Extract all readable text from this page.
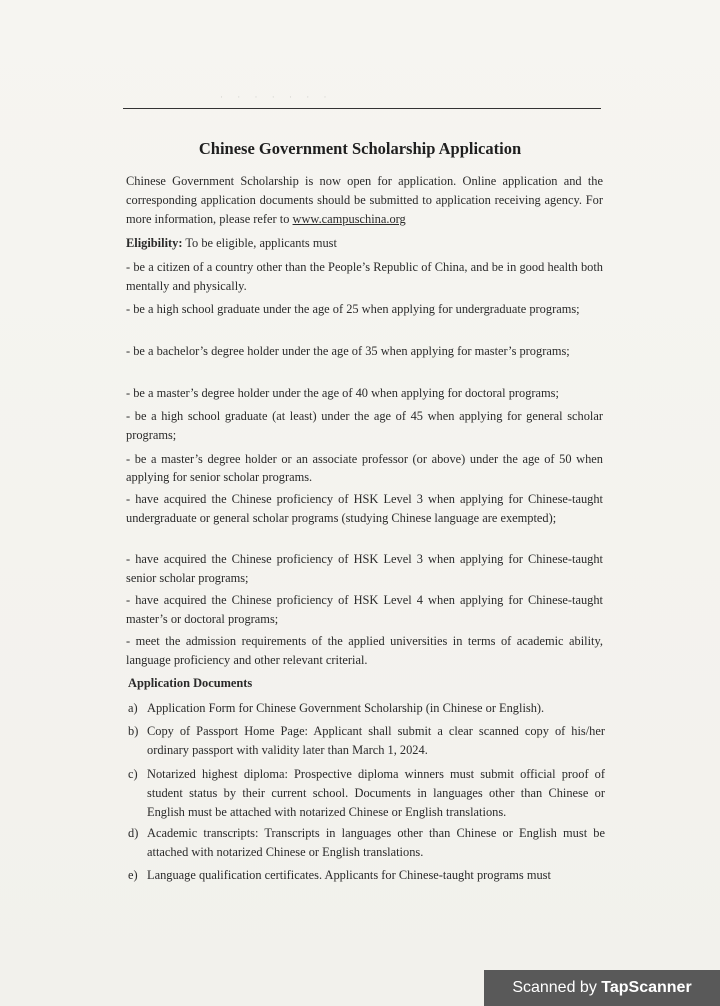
· · · · · · ·
Chinese Government Scholarship Application
Chinese Government Scholarship is now open for application. Online application and the corresponding application documents should be submitted to application receiving agency. For more information, please refer to www.campuschina.org
Eligibility: To be eligible, applicants must
- be a citizen of a country other than the People’s Republic of China, and be in good health both mentally and physically.
- be a high school graduate under the age of 25 when applying for undergraduate programs;
- be a bachelor’s degree holder under the age of 35 when applying for master’s programs;
- be a master’s degree holder under the age of 40 when applying for doctoral programs;
- be a high school graduate (at least) under the age of 45 when applying for general scholar programs;
- be a master’s degree holder or an associate professor (or above) under the age of 50 when applying for senior scholar programs.
- have acquired the Chinese proficiency of HSK Level 3 when applying for Chinese-taught undergraduate or general scholar programs (studying Chinese language are exempted);
- have acquired the Chinese proficiency of HSK Level 3 when applying for Chinese-taught senior scholar programs;
- have acquired the Chinese proficiency of HSK Level 4 when applying for Chinese-taught master’s or doctoral programs;
- meet the admission requirements of the applied universities in terms of academic ability, language proficiency and other relevant criterial.
Application Documents
a) Application Form for Chinese Government Scholarship (in Chinese or English).
b) Copy of Passport Home Page: Applicant shall submit a clear scanned copy of his/her ordinary passport with validity later than March 1, 2024.
c) Notarized highest diploma: Prospective diploma winners must submit official proof of student status by their current school. Documents in languages other than Chinese or English must be attached with notarized Chinese or English translations.
d) Academic transcripts: Transcripts in languages other than Chinese or English must be attached with notarized Chinese or English translations.
e) Language qualification certificates. Applicants for Chinese-taught programs must
Scanned by TapScanner
